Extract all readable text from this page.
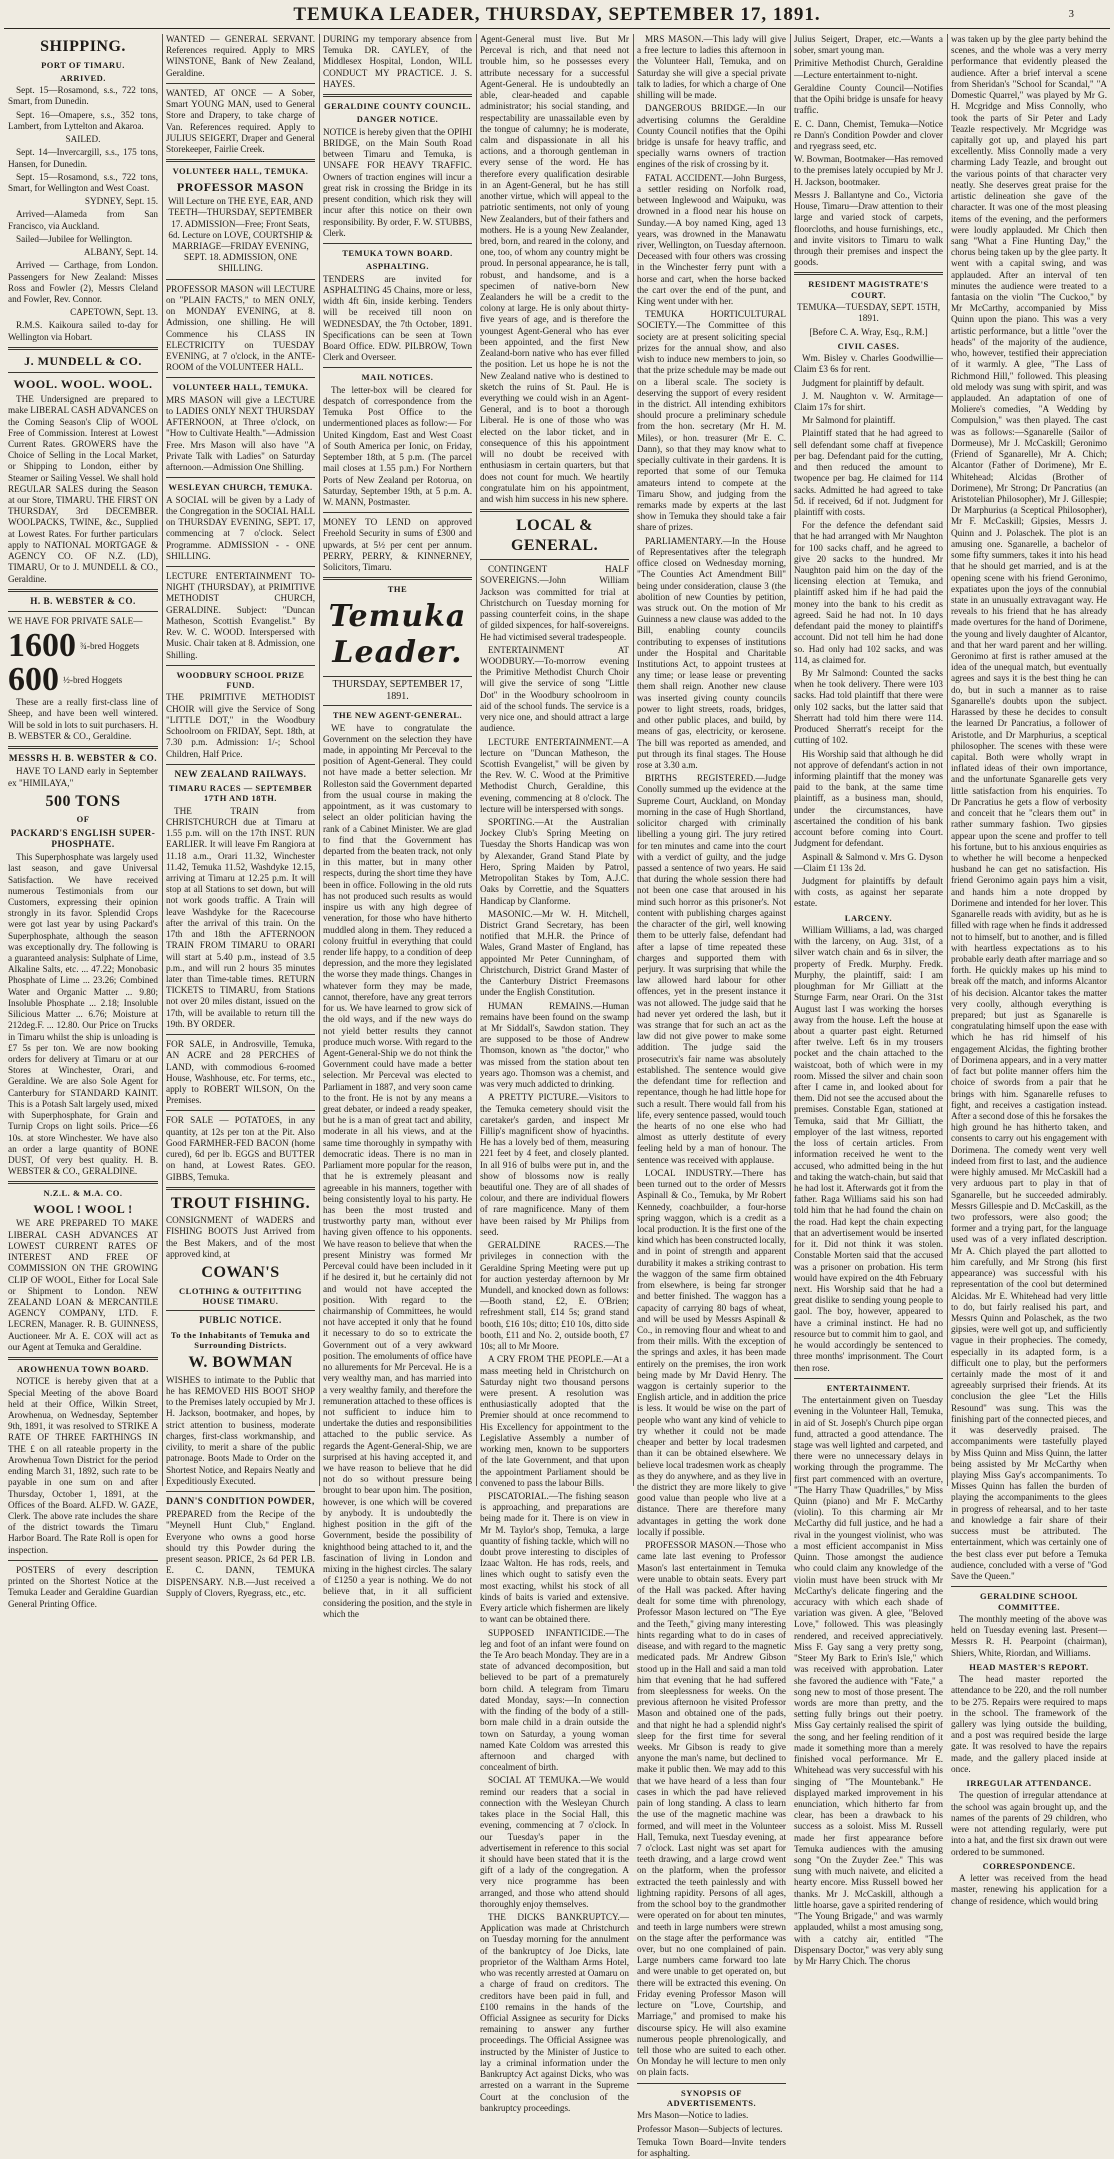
TEMUKA LEADER, THURSDAY, SEPTEMBER 17, 1891.	3
SHIPPING.
PORT OF TIMARU.
ARRIVED.

Sept. 15—Rosamond, s.s., 722 tons, Smart, from Dunedin.

Sept. 16—Omapere, s.s., 352 tons, Lambert, from Lyttelton and Akaroa.

SAILED.

Sept. 14—Invercargill, s.s., 175 tons, Hansen, for Dunedin.

Sept. 15—Rosamond, s.s., 722 tons, Smart, for Wellington and West Coast.

SYDNEY, Sept. 15.

Arrived—Alameda from San Francisco, via Auckland.

Sailed—Jubilee for Wellington.

ALBANY, Sept. 14.

Arrived — Carthage, from London. Passengers for New Zealand: Misses Ross and Fowler (2), Messrs Cleland and Fowler, Rev. Connor.

CAPETOWN, Sept. 13.

R.M.S. Kaikoura sailed to-day for Wellington via Hobart.

J. MUNDELL & CO.
WOOL. WOOL. WOOL.

THE Undersigned are prepared to make LIBERAL CASH ADVANCES on the Coming Season's Clip of WOOL Free of Commission. Interest at Lowest Current Rates. GROWERS have the Choice of Selling in the Local Market, or Shipping to London, either by Steamer or Sailing Vessel. We shall hold REGULAR SALES during the Season at our Store, TIMARU. THE FIRST ON THURSDAY, 3rd DECEMBER. WOOLPACKS, TWINE, &c., Supplied at Lowest Rates. For further particulars apply to NATIONAL MORTGAGE & AGENCY CO. OF N.Z. (LD), TIMARU, Or to J. MUNDELL & CO., Geraldine.

H. B. WEBSTER & CO.

WE HAVE FOR PRIVATE SALE—

1600 ¾-bred Hoggets
600 ½-bred Hoggets

These are a really first-class line of Sheep, and have been well wintered. Will be sold in lots to suit purchasers. H. B. WEBSTER & CO., Geraldine.

MESSRS H. B. WEBSTER & CO.

HAVE TO LAND early in September ex "HIMILAYA,"

500 TONS
OF
PACKARD'S ENGLISH SUPER-PHOSPHATE.

This Superphosphate was largely used last season, and gave Universal Satisfaction. We have received numerous Testimonials from our Customers, expressing their opinion strongly in its favor. Splendid Crops were got last year by using Packard's Superphosphate, although the season was exceptionally dry. The following is a guaranteed analysis: Sulphate of Lime, Alkaline Salts, etc. ... 47.22; Monobasic Phosphate of Lime ... 23.26; Combined Water and Organic Matter ... 9.80; Insoluble Phosphate ... 2.18; Insoluble Silicious Matter ... 6.76; Moisture at 212deg.F. ... 12.80. Our Price on Trucks in Timaru whilst the ship is unloading is £7 5s per ton. We are now booking orders for delivery at Timaru or at our Stores at Winchester, Orari, and Geraldine. We are also Sole Agent for Canterbury for STANDARD KAINIT. This is a Potash Salt largely used, mixed with Superphosphate, for Grain and Turnip Crops on light soils. Price—£6 10s. at store Winchester. We have also an order a large quantity of BONE DUST, Of very best quality. H. B. WEBSTER & CO., GERALDINE.

N.Z.L. & M.A. CO.
WOOL ! WOOL !

WE ARE PREPARED TO MAKE LIBERAL CASH ADVANCES AT LOWEST CURRENT RATES OF INTEREST AND FREE OF COMMISSION ON THE GROWING CLIP OF WOOL, Either for Local Sale or Shipment to London. NEW ZEALAND LOAN & MERCANTILE AGENCY COMPANY, LTD. F. LECREN, Manager. R. B. GUINNESS, Auctioneer. Mr A. E. COX will act as our Agent at Temuka and Geraldine.

AROWHENUA TOWN BOARD.

NOTICE is hereby given that at a Special Meeting of the above Board held at their Office, Wilkin Street, Arowhenua, on Wednesday, September 9th, 1891, it was resolved to STRIKE A RATE OF THREE FARTHINGS IN THE £ on all rateable property in the Arowhenua Town District for the period ending March 31, 1892, such rate to be payable in one sum on and after Thursday, October 1, 1891, at the Offices of the Board. ALFD. W. GAZE, Clerk. The above rate includes the share of the district towards the Timaru Harbor Board. The Rate Roll is open for inspection.

POSTERS of every description printed on the Shortest Notice at the Temuka Leader and Geraldine Guardian General Printing Office.

WANTED — GENERAL SERVANT. References required. Apply to MRS WINSTONE, Bank of New Zealand, Geraldine.

WANTED, AT ONCE — A Sober, Smart YOUNG MAN, used to General Store and Drapery, to take charge of Van. References required. Apply to JULIUS SEIGERT, Draper and General Storekeeper, Fairlie Creek.

VOLUNTEER HALL, TEMUKA.
PROFESSOR MASON

Will Lecture on THE EYE, EAR, AND TEETH—THURSDAY, SEPTEMBER 17. ADMISSION—Free; Front Seats, 6d. Lecture on LOVE, COURTSHIP & MARRIAGE—FRIDAY EVENING, SEPT. 18. ADMISSION, ONE SHILLING.

PROFESSOR MASON will LECTURE on "PLAIN FACTS," to MEN ONLY, on MONDAY EVENING, at 8. Admission, one shilling. He will Commence his CLASS IN ELECTRICITY on TUESDAY EVENING, at 7 o'clock, in the ANTE-ROOM of the VOLUNTEER HALL.

VOLUNTEER HALL, TEMUKA.

MRS MASON will give a LECTURE to LADIES ONLY NEXT THURSDAY AFTERNOON, at Three o'clock, on "How to Cultivate Health."—Admission Free. Mrs Mason will also have "A Private Talk with Ladies" on Saturday afternoon.—Admission One Shilling.

WESLEYAN CHURCH, TEMUKA.

A SOCIAL will be given by a Lady of the Congregation in the SOCIAL HALL on THURSDAY EVENING, SEPT. 17, commencing at 7 o'clock. Select Programme. ADMISSION - - ONE SHILLING.

LECTURE ENTERTAINMENT TO-NIGHT (THURSDAY), at PRIMITIVE METHODIST CHURCH, GERALDINE. Subject: "Duncan Matheson, Scottish Evangelist." By Rev. W. C. WOOD. Interspersed with Music. Chair taken at 8. Admission, one Shilling.

WOODBURY SCHOOL PRIZE FUND.

THE PRIMITIVE METHODIST CHOIR will give the Service of Song "LITTLE DOT," in the Woodbury Schoolroom on FRIDAY, Sept. 18th, at 7.30 p.m. Admission: 1/-; School Children, Half Price.

NEW ZEALAND RAILWAYS.
TIMARU RACES — SEPTEMBER 17TH AND 18TH.

THE TRAIN from CHRISTCHURCH due at Timaru at 1.55 p.m. will on the 17th INST. RUN EARLIER. It will leave Fm Rangiora at 11.18 a.m., Orari 11.32, Winchester 11.42, Temuka 11.52, Washdyke 12.15, arriving at Timaru at 12.25 p.m. It will stop at all Stations to set down, but will not work goods traffic. A Train will leave Washdyke for the Racecourse after the arrival of this train. On the 17th and 18th the AFTERNOON TRAIN FROM TIMARU to ORARI will start at 5.40 p.m., instead of 3.5 p.m., and will run 2 hours 35 minutes later than Time-table times. RETURN TICKETS to TIMARU, from Stations not over 20 miles distant, issued on the 17th, will be available to return till the 19th. BY ORDER.

FOR SALE, in Androsville, Temuka, AN ACRE and 28 PERCHES of LAND, with commodious 6-roomed House, Washhouse, etc. For terms, etc., apply to ROBERT WILSON, On the Premises.

FOR SALE — POTATOES, in any quantity, at 12s per ton at the Pit. Also Good FARMHER-FED BACON (home cured), 6d per lb. EGGS and BUTTER on hand, at Lowest Rates. GEO. GIBBS, Temuka.

TROUT FISHING.

CONSIGNMENT of WADERS and FISHING BOOTS Just Arrived from the Best Makers, and of the most approved kind, at

COWAN'S
CLOTHING & OUTFITTING HOUSE TIMARU.
PUBLIC NOTICE.
To the Inhabitants of Temuka and Surrounding Districts.
W. BOWMAN

WISHES to intimate to the Public that he has REMOVED HIS BOOT SHOP to the Premises lately occupied by Mr J. H. Jackson, bootmaker, and hopes, by strict attention to business, moderate charges, first-class workmanship, and civility, to merit a share of the public patronage. Boots Made to Order on the Shortest Notice, and Repairs Neatly and Expeditiously Executed.

DANN'S CONDITION POWDER,

PREPARED from the Recipe of the "Meynell Hunt Club," England. Everyone who owns a good horse should try this Powder during the present season. PRICE, 2s 6d PER LB. E. C. DANN, TEMUKA DISPENSARY. N.B.—Just received a Supply of Clovers, Ryegrass, etc., etc.

DURING my temporary absence from Temuka DR. CAYLEY, of the Middlesex Hospital, London, WILL CONDUCT MY PRACTICE. J. S. HAYES.

GERALDINE COUNTY COUNCIL.
DANGER NOTICE.

NOTICE is hereby given that the OPIHI BRIDGE, on the Main South Road between Timaru and Temuka, is UNSAFE FOR HEAVY TRAFFIC. Owners of traction engines will incur a great risk in crossing the Bridge in its present condition, which risk they will incur after this notice on their own responsibility. By order, F. W. STUBBS, Clerk.

TEMUKA TOWN BOARD.
ASPHALTING.

TENDERS are invited for ASPHALTING 45 Chains, more or less, width 4ft 6in, inside kerbing. Tenders will be received till noon on WEDNESDAY, the 7th October, 1891. Specifications can be seen at Town Board Office. EDW. PILBROW, Town Clerk and Overseer.

MAIL NOTICES.

The letter-box will be cleared for despatch of correspondence from the Temuka Post Office to the undermentioned places as follow:— For United Kingdom, East and West Coast of South America per Ionic, on Friday, September 18th, at 5 p.m. (The parcel mail closes at 1.55 p.m.) For Northern Ports of New Zealand per Rotorua, on Saturday, September 19th, at 5 p.m. A. W. MANN, Postmaster.

MONEY TO LEND on approved Freehold Security in sums of £300 and upwards, at 5½ per cent per annum. PERRY, PERRY, & KINNERNEY, Solicitors, Timaru.

THE
Temuka Leader.
THURSDAY, SEPTEMBER 17, 1891.
THE NEW AGENT-GENERAL.

WE have to congratulate the Government on the selection they have made, in appointing Mr Perceval to the position of Agent-General. They could not have made a better selection. Mr Rolleston said the Government departed from the usual course in making the appointment, as it was customary to select an older politician having the rank of a Cabinet Minister. We are glad to find that the Government has departed from the beaten track, not only in this matter, but in many other respects, during the short time they have been in office. Following in the old ruts has not produced such results as would inspire us with any high degree of veneration, for those who have hitherto muddled along in them. They reduced a colony fruitful in everything that could render life happy, to a condition of deep depression, and the more they legislated the worse they made things. Changes in whatever form they may be made, cannot, therefore, have any great terrors for us. We have learned to grow sick of the old ways, and if the new ways do not yield better results they cannot produce much worse. With regard to the Agent-General-Ship we do not think the Government could have made a better selection. Mr Perceval was elected to Parliament in 1887, and very soon came to the front. He is not by any means a great debater, or indeed a ready speaker, but he is a man of great tact and ability, moderate in all his views, and at the same time thoroughly in sympathy with democratic ideas. There is no man in Parliament more popular for the reason, that he is extremely pleasant and agreeable in his manners, together with being consistently loyal to his party. He has been the most trusted and trustworthy party man, without ever having given offence to his opponents. We have reason to believe that when the present Ministry was formed Mr Perceval could have been included in it if he desired it, but he certainly did not and would not have accepted the position. With regard to the chairmanship of Committees, he would not have accepted it only that he found it necessary to do so to extricate the Government out of a very awkward position. The emoluments of office have no allurements for Mr Perceval. He is a very wealthy man, and has married into a very wealthy family, and therefore the remuneration attached to these offices is not sufficient to induce him to undertake the duties and responsibilities attached to the public service. As regards the Agent-General-Ship, we are surprised at his having accepted it, and we have reason to believe that he did not do so without pressure being brought to bear upon him. The position, however, is one which will be covered by anybody. It is undoubtedly the highest position in the gift of the Government, beside the possibility of knighthood being attached to it, and the fascination of living in London and mixing in the highest circles. The salary of £1250 a year is nothing. We do not believe that, in it all sufficient considering the position, and the style in which the

Agent-General must live. But Mr Perceval is rich, and that need not trouble him, so he possesses every attribute necessary for a successful Agent-General. He is undoubtedly an able, clear-headed and capable administrator; his social standing, and respectability are unassailable even by the tongue of calumny; he is moderate, calm and dispassionate in all his actions, and a thorough gentleman in every sense of the word. He has therefore every qualification desirable in an Agent-General, but he has still another virtue, which will appeal to the patriotic sentiments, not only of young New Zealanders, but of their fathers and mothers. He is a young New Zealander, bred, born, and reared in the colony, and one, too, of whom any country might be proud. In personal appearance, he is tall, robust, and handsome, and is a specimen of native-born New Zealanders he will be a credit to the colony at large. He is only about thirty-five years of age, and is therefore the youngest Agent-General who has ever been appointed, and the first New Zealand-born native who has ever filled the position. Let us hope he is not the New Zealand native who is destined to sketch the ruins of St. Paul. He is everything we could wish in an Agent-General, and is to boot a thorough Liberal. He is one of those who was elected on the labor ticket, and in consequence of this his appointment will no doubt be received with enthusiasm in certain quarters, but that does not count for much. We heartily congratulate him on his appointment, and wish him success in his new sphere.

LOCAL & GENERAL.

CONTINGENT HALF SOVEREIGNS.—John William Jackson was committed for trial at Christchurch on Tuesday morning for passing counterfeit coins, in the shape of gilded sixpences, for half-sovereigns. He had victimised several tradespeople.

ENTERTAINMENT AT WOODBURY.—To-morrow evening the Primitive Methodist Church Choir will give the service of song "Little Dot" in the Woodbury schoolroom in aid of the school funds. The service is a very nice one, and should attract a large audience.

LECTURE ENTERTAINMENT.—A lecture on "Duncan Matheson, the Scottish Evangelist," will be given by the Rev. W. C. Wood at the Primitive Methodist Church, Geraldine, this evening, commencing at 8 o'clock. The lecture will be interspersed with songs.

SPORTING.—At the Australian Jockey Club's Spring Meeting on Tuesday the Shorts Handicap was won by Alexander, Grand Stand Plate by Hero, Spring Maiden by Patrol, Metropolitan Stakes by Tom, A.J.C. Oaks by Correttie, and the Squatters Handicap by Clanforme.

MASONIC.—Mr W. H. Mitchell, District Grand Secretary, has been notified that M.H.R. the Prince of Wales, Grand Master of England, has appointed Mr Peter Cunningham, of Christchurch, District Grand Master of the Canterbury District Freemasons under the English Constitution.

HUMAN REMAINS.—Human remains have been found on the swamp at Mr Siddall's, Sawdon station. They are supposed to be those of Andrew Thomson, known as "the doctor," who was missed from the station about ten years ago. Thomson was a chemist, and was very much addicted to drinking.

A PRETTY PICTURE.—Visitors to the Temuka cemetery should visit the caretaker's garden, and inspect Mr Fillip's magnificent show of hyacinths. He has a lovely bed of them, measuring 221 feet by 4 feet, and closely planted. In all 916 of bulbs were put in, and the show of blossoms now is really beautiful one. They are of all shades of colour, and there are individual flowers of rare magnificence. Many of them have been raised by Mr Philips from seed.

GERALDINE RACES.—The privileges in connection with the Geraldine Spring Meeting were put up for auction yesterday afternoon by Mr Mundell, and knocked down as follows:—Booth stand, £2, E. O'Brien; refreshment stall, £14 5s; grand stand booth, £16 10s; ditto; £10 10s, ditto side booth, £11 and No. 2, outside booth, £7 10s; all to Mr Moore.

A CRY FROM THE PEOPLE.—At a mass meeting held in Christchurch on Saturday night two thousand persons were present. A resolution was enthusiastically adopted that the Premier should at once recommend to His Excellency for appointment to the Legislative Assembly a number of working men, known to be supporters of the late Government, and that upon the appointment Parliament should be convened to pass the labour Bills.

PISCATORIAL.—The fishing season is approaching, and preparations are being made for it. There is on view in Mr M. Taylor's shop, Temuka, a large quantity of fishing tackle, which will no doubt prove interesting to disciples of Izaac Walton. He has rods, reels, and lines which ought to satisfy even the most exacting, whilst his stock of all kinds of baits is varied and extensive. Every article which fishermen are likely to want can be obtained there.

SUPPOSED INFANTICIDE.—The leg and foot of an infant were found on the Te Aro beach Monday. They are in a state of advanced decomposition, but believed to be part of a prematurely born child. A telegram from Timaru dated Monday, says:—In connection with the finding of the body of a still-born male child in a drain outside the town on Saturday, a young woman named Kate Coldom was arrested this afternoon and charged with concealment of birth.

SOCIAL AT TEMUKA.—We would remind our readers that a social in connection with the Wesleyan Church takes place in the Social Hall, this evening, commencing at 7 o'clock. In our Tuesday's paper in the advertisement in reference to this social it should have been stated that it is the gift of a lady of the congregation. A very nice programme has been arranged, and those who attend should thoroughly enjoy themselves.

THE DICKS BANKRUPTCY.—Application was made at Christchurch on Tuesday morning for the annulment of the bankruptcy of Joe Dicks, late proprietor of the Waltham Arms Hotel, who was recently arrested at Oamaru on a charge of fraud on creditors. The creditors have been paid in full, and £100 remains in the hands of the Official Assignee as security for Dicks remaining to answer any further proceedings. The Official Assignee was instructed by the Minister of Justice to lay a criminal information under the Bankruptcy Act against Dicks, who was arrested on a warrant in the Supreme Court at the conclusion of the bankruptcy proceedings.

MRS MASON.—This lady will give a free lecture to ladies this afternoon in the Volunteer Hall, Temuka, and on Saturday she will give a special private talk to ladies, for which a charge of One shilling will be made.

DANGEROUS BRIDGE.—In our advertising columns the Geraldine County Council notifies that the Opihi bridge is unsafe for heavy traffic, and specially warns owners of traction engines of the risk of crossing by it.

FATAL ACCIDENT.—John Burgess, a settler residing on Norfolk road, between Inglewood and Waipuku, was drowned in a flood near his house on Sunday.—A boy named King, aged 13 years, was drowned in the Manawatu river, Wellington, on Tuesday afternoon. Deceased with four others was crossing in the Winchester ferry punt with a horse and cart, when the horse backed the cart over the end of the punt, and King went under with her.

TEMUKA HORTICULTURAL SOCIETY.—The Committee of this society are at present soliciting special prizes for the annual show, and also wish to induce new members to join, so that the prize schedule may be made out on a liberal scale. The society is deserving the support of every resident in the district. All intending exhibitors should procure a preliminary schedule from the hon. secretary (Mr H. M. Miles), or hon. treasurer (Mr E. C. Dann), so that they may know what to specially cultivate in their gardens. It is reported that some of our Temuka amateurs intend to compete at the Timaru Show, and judging from the remarks made by experts at the last show in Temuka they should take a fair share of prizes.

PARLIAMENTARY.—In the House of Representatives after the telegraph office closed on Wednesday morning, "The Counties Act Amendment Bill" being under consideration, clause 3 (the abolition of new Counties by petition, was struck out. On the motion of Mr Guinness a new clause was added to the Bill, enabling county councils contributing to expenses of institutions under the Hospital and Charitable Institutions Act, to appoint trustees at any time; or lease lease or preventing them shall reign. Another new clause was inserted giving county councils power to light streets, roads, bridges, and other public places, and build, by means of gas, electricity, or kerosene. The bill was reported as amended, and put through its final stages. The House rose at 3.30 a.m.

BIRTHS REGISTERED.—Judge Conolly summed up the evidence at the Supreme Court, Auckland, on Monday morning in the case of Hugh Shortland, solicitor charged with criminally libelling a young girl. The jury retired for ten minutes and came into the court with a verdict of guilty, and the judge passed a sentence of two years. He said that during the whole session there had not been one case that aroused in his mind such horror as this prisoner's. Not content with publishing charges against the character of the girl, well knowing them to be utterly false, defendant had after a lapse of time repeated these charges and supported them with perjury. It was surprising that while the law allowed hard labour for other offences, yet in the present instance it was not allowed. The judge said that he had never yet ordered the lash, but it was strange that for such an act as the law did not give power to make some addition. The judge said the prosecutrix's fair name was absolutely established. The sentence would give the defendant time for reflection and repentance, though he had little hope for such a result. There would fall from his life, every sentence passed, would touch the hearts of no one else who had almost as utterly destitute of every feeling held by a man of honour. The sentence was received with applause.

LOCAL INDUSTRY.—There has been turned out to the order of Messrs Aspinall & Co., Temuka, by Mr Robert Kennedy, coachbuilder, a four-horse spring waggon, which is a credit as a local production. It is the first one of the kind which has been constructed locally, and in point of strength and apparent durability it makes a striking contrast to the waggon of the same firm obtained from elsewhere, is being far stronger and better finished. The waggon has a capacity of carrying 80 bags of wheat, and will be used by Messrs Aspinall & Co., in removing flour and wheat to and from their mills. With the exception of the springs and axles, it has been made entirely on the premises, the iron work being made by Mr David Henry. The waggon is certainly superior to the English article, and in addition the price is less. It would be wise on the part of people who want any kind of vehicle to try whether it could not be made cheaper and better by local tradesmen than it can be obtained elsewhere. We believe local tradesmen work as cheaply as they do anywhere, and as they live in the district they are more likely to give good value than people who live at a distance. There are therefore many advantages in getting the work done locally if possible.

PROFESSOR MASON.—Those who came late last evening to Professor Mason's last entertainment in Temuka were unable to obtain seats. Every part of the Hall was packed. After having dealt for some time with phrenology, Professor Mason lectured on "The Eye and the Teeth," giving many interesting hints regarding what to do in cases of disease, and with regard to the magnetic medicated pads. Mr Andrew Gibson stood up in the Hall and said a man told him that evening that he had suffered from sleeplessness for weeks. On the previous afternoon he visited Professor Mason and obtained one of the pads, and that night he had a splendid night's sleep for the first time for several weeks. Mr Gibson is ready to give anyone the man's name, but declined to make it public then. We may add to this that we have heard of a less than four cases in which the pad have relieved pain of long standing. A class to learn the use of the magnetic machine was formed, and will meet in the Volunteer Hall, Temuka, next Tuesday evening, at 7 o'clock. Last night was set apart for teeth drawing, and a large crowd went on the platform, when the professor extracted the teeth painlessly and with lightning rapidity. Persons of all ages, from the school boy to the grandmother were operated on for about ten minutes, and teeth in large numbers were strewn on the stage after the performance was over, but no one complained of pain. Large numbers came forward too late and were unable to get operated on, but there will be extracted this evening. On Friday evening Professor Mason will lecture on "Love, Courtship, and Marriage," and promised to make his discourse spicy. He will also examine numerous people phrenologically, and tell those who are suited to each other. On Monday he will lecture to men only on plain facts.

SYNOPSIS OF ADVERTISEMENTS.

Mrs Mason—Notice to ladies.

Professor Mason—Subjects of lectures.

Temuka Town Board—Invite tenders for asphalting.

Julius Seigert, Draper, etc.—Wants a sober, smart young man.

Primitive Methodist Church, Geraldine—Lecture entertainment to-night.

Geraldine County Council—Notifies that the Opihi bridge is unsafe for heavy traffic.

E. C. Dann, Chemist, Temuka—Notice re Dann's Condition Powder and clover and ryegrass seed, etc.

W. Bowman, Bootmaker—Has removed to the premises lately occupied by Mr J. H. Jackson, bootmaker.

Messrs J. Ballantyne and Co., Victoria House, Timaru—Draw attention to their large and varied stock of carpets, floorcloths, and house furnishings, etc., and invite visitors to Timaru to walk through their premises and inspect the goods.

RESIDENT MAGISTRATE'S COURT.

TEMUKA—TUESDAY, SEPT. 15TH, 1891.

[Before C. A. Wray, Esq., R.M.]

CIVIL CASES.

Wm. Bisley v. Charles Goodwillie—Claim £3 6s for rent.

Judgment for plaintiff by default.

J. M. Naughton v. W. Armitage—Claim 17s for shirt.

Mr Salmond for plaintiff.

Plaintiff stated that he had agreed to sell defendant some chaff at fivepence per bag. Defendant paid for the cutting, and then reduced the amount to twopence per bag. He claimed for 114 sacks. Admitted he had agreed to take 5d. if received, 6d if not. Judgment for plaintiff with costs.

For the defence the defendant said that he had arranged with Mr Naughton for 100 sacks chaff, and he agreed to give 20 sacks to the hundred. Mr Naughton paid him on the day of the licensing election at Temuka, and plaintiff asked him if he had paid the money into the bank to his credit as agreed. Said he had not. In 10 days defendant paid the money to plaintiff's account. Did not tell him he had done so. Had only had 102 sacks, and was 114, as claimed for.

By Mr Salmond: Counted the sacks when he took delivery. There were 103 sacks. Had told plaintiff that there were only 102 sacks, but the latter said that Sherratt had told him there were 114. Produced Sherratt's receipt for the cutting of 102.

His Worship said that although he did not approve of defendant's action in not informing plaintiff that the money was paid to the bank, at the same time plaintiff, as a business man, should, under the circumstances, have ascertained the condition of his bank account before coming into Court. Judgment for defendant.

Aspinall & Salmond v. Mrs G. Dyson—Claim £1 13s 2d.

Judgment for plaintiffs by default with costs, as against her separate estate.

LARCENY.

William Williams, a lad, was charged with the larceny, on Aug. 31st, of a silver watch chain and 6s in silver, the property of Fredk. Murphy. Fredk. Murphy, the plaintiff, said: I am ploughman for Mr Gilliatt at the Sturnge Farm, near Orari. On the 31st August last I was working the horses away from the house. Left the house at about a quarter past eight. Returned after twelve. Left 6s in my trousers pocket and the chain attached to the waistcoat, both of which were in my room. Missed the silver and chain soon after I came in, and looked about for them. Did not see the accused about the premises. Constable Egan, stationed at Temuka, said that Mr Gilliatt, the employer of the last witness, reported the loss of certain articles. From information received he went to the accused, who admitted being in the hut and taking the watch-chain, but said that he had lost it. Afterwards got it from the father. Raga Williams said his son had told him that he had found the chain on the road. Had kept the chain expecting that an advertisement would be inserted for it. Did not think it was stolen. Constable Morten said that the accused was a prisoner on probation. His term would have expired on the 4th February next. His Worship said that he had a great dislike to sending young people to gaol. The boy, however, appeared to have a criminal instinct. He had no resource but to commit him to gaol, and he would accordingly be sentenced to three months' imprisonment. The Court then rose.

ENTERTAINMENT.

The entertainment given on Tuesday evening in the Volunteer Hall, Temuka, in aid of St. Joseph's Church pipe organ fund, attracted a good attendance. The stage was well lighted and carpeted, and there were no unnecessary delays in working through the programme. The first part commenced with an overture, "The Harry Thaw Quadrilles," by Miss Quinn (piano) and Mr F. McCarthy (violin). To this charming air Mr McCarthy did full justice, and he had a rival in the youngest violinist, who was a most efficient accompanist in Miss Quinn. Those amongst the audience who could claim any knowledge of the violin must have been struck with Mr McCarthy's delicate fingering and the accuracy with which each shade of variation was given. A glee, "Beloved Love," followed. This was pleasingly rendered, and received appreciatively. Miss F. Gay sang a very pretty song, "Steer My Bark to Erin's Isle," which was received with approbation. Later she favored the audience with "Fate," a song new to most of those present. The words are more than pretty, and the setting fully brings out their poetry. Miss Gay certainly realised the spirit of the song, and her feeling rendition of it made it something more than a merely finished vocal performance. Mr E. Whitehead was very successful with his singing of "The Mountebank." He displayed marked improvement in his enunciation, which hitherto far from clear, has been a drawback to his success as a soloist. Miss M. Russell made her first appearance before Temuka audiences with the amusing song "On the Zuyder Zee." This was sung with much naivete, and elicited a hearty encore. Miss Russell bowed her thanks. Mr J. McCaskill, although a little hoarse, gave a spirited rendering of "The Young Brigade," and was warmly applauded, whilst a most amusing song, with a catchy air, entitled "The Dispensary Doctor," was very ably sung by Mr Harry Chich. The chorus

was taken up by the glee party behind the scenes, and the whole was a very merry performance that evidently pleased the audience. After a brief interval a scene from Sheridan's "School for Scandal," "A Domestic Quarrel," was played by Mr G. H. Mcgridge and Miss Connolly, who took the parts of Sir Peter and Lady Teazle respectively. Mr Mcgridge was capitally got up, and played his part excellently. Miss Connolly made a very charming Lady Teazle, and brought out the various points of that character very neatly. She deserves great praise for the artistic delineation she gave of the character. It was one of the most pleasing items of the evening, and the performers were loudly applauded. Mr Chich then sang "What a Fine Hunting Day," the chorus being taken up by the glee party. It went with a capital swing, and was applauded. After an interval of ten minutes the audience were treated to a fantasia on the violin "The Cuckoo," by Mr McCarthy, accompanied by Miss Quinn upon the piano. This was a very artistic performance, but a little "over the heads" of the majority of the audience, who, however, testified their appreciation of it warmly. A glee, "The Lass of Richmond Hill," followed. This pleasing old melody was sung with spirit, and was applauded. An adaptation of one of Moliere's comedies, "A Wedding by Compulsion," was then played. The cast was as follows:—Sganarelle (Sailor of Dormeuse), Mr J. McCaskill; Geronimo (Friend of Sganarelle), Mr A. Chich; Alcantor (Father of Dorimene), Mr E. Whitehead; Alcidas (Brother of Dorimene), Mr Strong; Dr Pancratius (an Aristotelian Philosopher), Mr J. Gillespie; Dr Marphurius (a Sceptical Philosopher), Mr F. McCaskill; Gipsies, Messrs J. Quinn and J. Polaschek. The plot is an amusing one. Sganarelle, a bachelor of some fifty summers, takes it into his head that he should get married, and is at the opening scene with his friend Geronimo, expatiates upon the joys of the connubial state in an unusually extravagant way. He reveals to his friend that he has already made overtures for the hand of Dorimene, the young and lively daughter of Alcantor, and that her ward parent and her willing. Geronimo at first is rather amused at the idea of the unequal match, but eventually agrees and says it is the best thing he can do, but in such a manner as to raise Sganarelle's doubts upon the subject. Harassed by these he decides to consult the learned Dr Pancratius, a follower of Aristotle, and Dr Marphurius, a sceptical philosopher. The scenes with these were capital. Both were wholly wrapt in inflated ideas of their own importance, and the unfortunate Sganarelle gets very little satisfaction from his enquiries. To Dr Pancratius he gets a flow of verbosity and conceit that he "clears them out" in rather summary fashion. Two gipsies appear upon the scene and proffer to tell his fortune, but to his anxious enquiries as to whether he will become a henpecked husband he can get no satisfaction. His friend Geronimo again pays him a visit, and hands him a note dropped by Dorimene and intended for her lover. This Sganarelle reads with avidity, but as he is filled with rage when he finds it addressed not to himself, but to another, and is filled with heartless expectations as to his probable early death after marriage and so forth. He quickly makes up his mind to break off the match, and informs Alcantor of his decision. Alcantor takes the matter very coolly, although everything is prepared; but just as Sganarelle is congratulating himself upon the ease with which he has rid himself of his engagement Alcidas, the fighting brother of Dorimena appears, and in a very matter of fact but polite manner offers him the choice of swords from a pair that he brings with him. Sganarelle refuses to fight, and receives a castigation instead. After a second dose of this he forsakes the high ground he has hitherto taken, and consents to carry out his engagement with Dorimena. The comedy went very well indeed from first to last, and the audience were highly amused. Mr McCaskill had a very arduous part to play in that of Sganarelle, but he succeeded admirably. Messrs Gillespie and D. McCaskill, as the two professors, were also good; the former and a trying part, for the language used was of a very inflated description. Mr A. Chich played the part allotted to him carefully, and Mr Strong (his first appearance) was successful with his representation of the cool but determined Alcidas. Mr E. Whitehead had very little to do, but fairly realised his part, and Messrs Quinn and Polaschek, as the two gipsies, were well got up, and sufficiently vague in their prophecies. The comedy, especially in its adapted form, is a difficult one to play, but the performers certainly made the most of it and agreeably surprised their friends. At its conclusion the glee "Let the Hills Resound" was sung. This was the finishing part of the connected pieces, and it was deservedly praised. The accompaniments were tastefully played by Miss Quinn and Miss Quinn, the latter being assisted by Mr McCarthy when playing Miss Gay's accompaniments. To Misses Quinn has fallen the burden of playing the accompaniments to the glees in progress of rehearsal, and to her taste and knowledge a fair share of their success must be attributed. The entertainment, which was certainly one of the best class ever put before a Temuka audience, concluded with a verse of "God Save the Queen."

GERALDINE SCHOOL COMMITTEE.

The monthly meeting of the above was held on Tuesday evening last. Present—Messrs R. H. Pearpoint (chairman), Shiers, White, Riordan, and Williams.

HEAD MASTER'S REPORT.

The head master reported the attendance to be 220, and the roll number to be 275. Repairs were required to maps in the school. The framework of the gallery was lying outside the building, and a post was required beside the large gate. It was resolved to have the repairs made, and the gallery placed inside at once.

IRREGULAR ATTENDANCE.

The question of irregular attendance at the school was again brought up, and the names of the parents of 29 children, who were not attending regularly, were put into a hat, and the first six drawn out were ordered to be summoned.

CORRESPONDENCE.

A letter was received from the head master, renewing his application for a change of residence, which would bring
